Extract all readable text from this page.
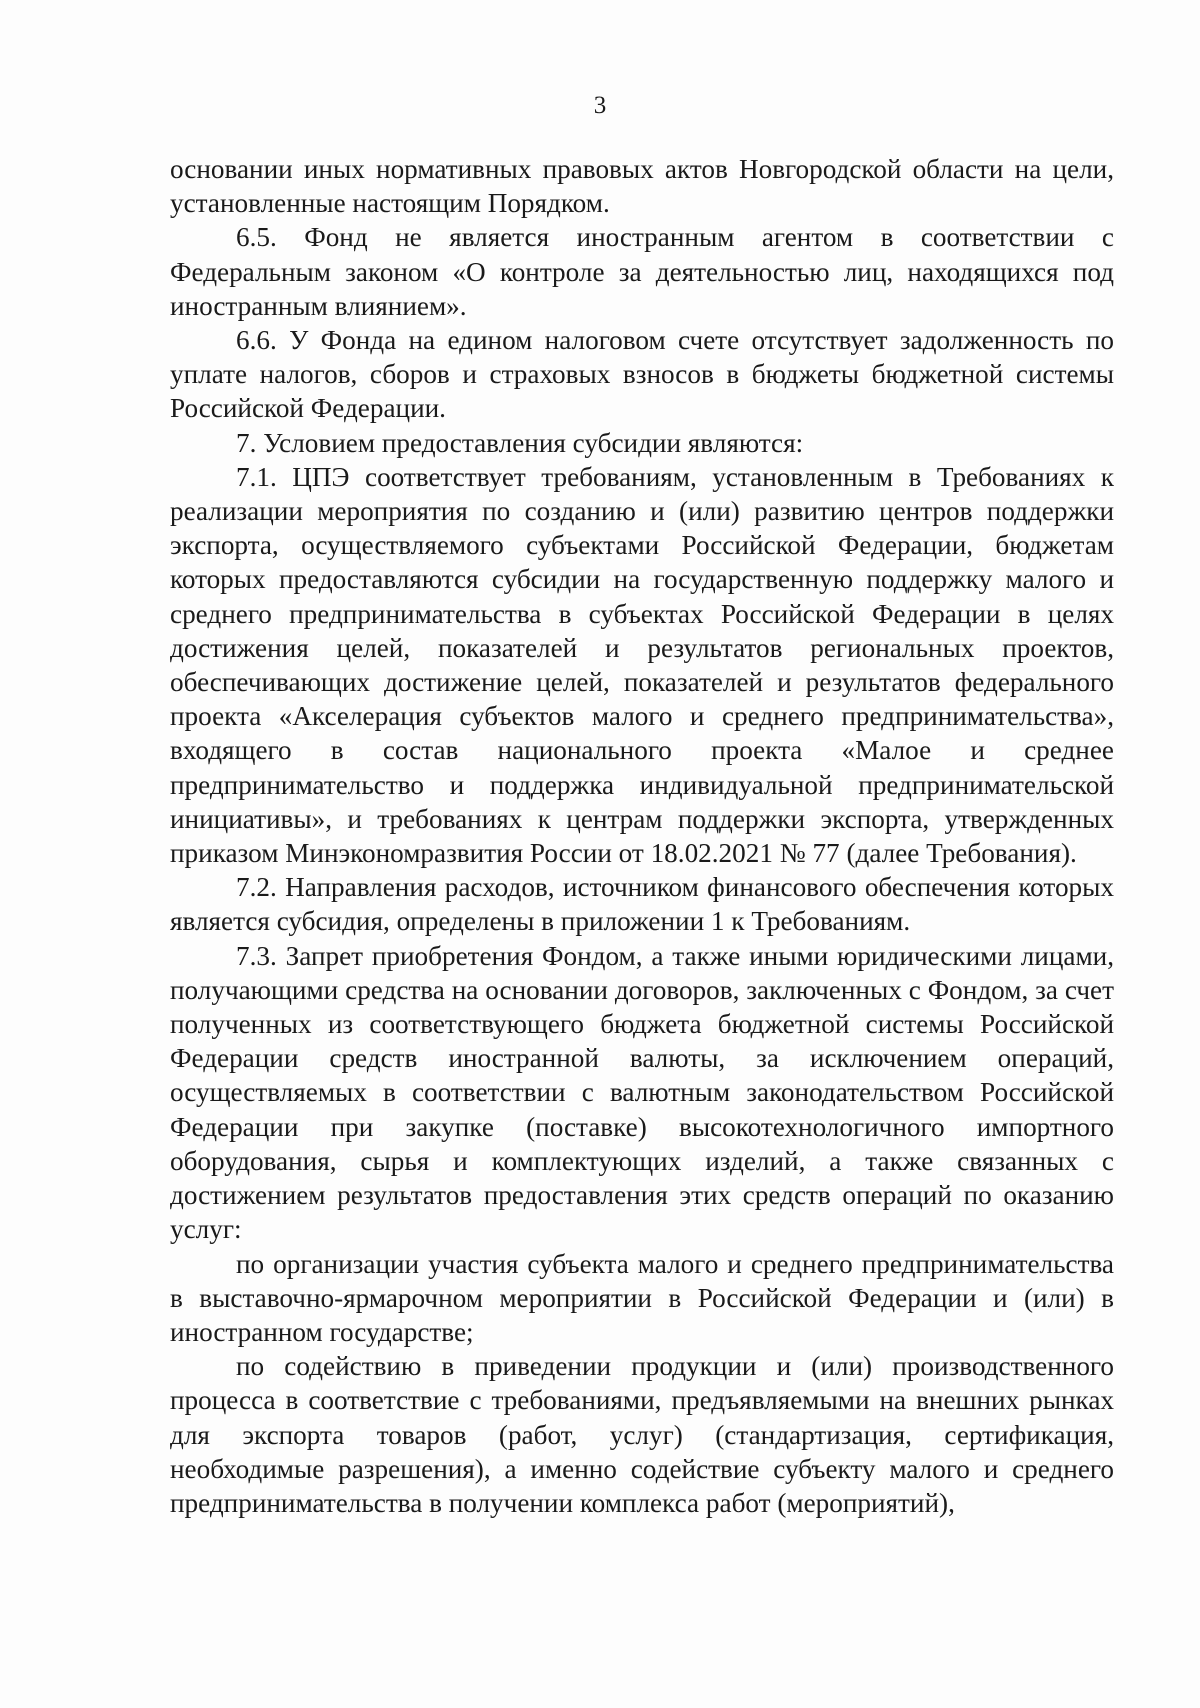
3

основании иных нормативных правовых актов Новгородской области на цели, установленные настоящим Порядком.

6.5. Фонд не является иностранным агентом в соответствии с Федеральным законом «О контроле за деятельностью лиц, находящихся под иностранным влиянием».

6.6. У Фонда на едином налоговом счете отсутствует задолженность по уплате налогов, сборов и страховых взносов в бюджеты бюджетной системы Российской Федерации.

7. Условием предоставления субсидии являются:

7.1. ЦПЭ соответствует требованиям, установленным в Требованиях к реализации мероприятия по созданию и (или) развитию центров поддержки экспорта, осуществляемого субъектами Российской Федерации, бюджетам которых предоставляются субсидии на государственную поддержку малого и среднего предпринимательства в субъектах Российской Федерации в целях достижения целей, показателей и результатов региональных проектов, обеспечивающих достижение целей, показателей и результатов федерального проекта «Акселерация субъектов малого и среднего предпринимательства», входящего в состав национального проекта «Малое и среднее предпринимательство и поддержка индивидуальной предпринимательской инициативы», и требованиях к центрам поддержки экспорта, утвержденных приказом Минэкономразвития России от 18.02.2021 № 77 (далее Требования).

7.2. Направления расходов, источником финансового обеспечения которых является субсидия, определены в приложении 1 к Требованиям.

7.3. Запрет приобретения Фондом, а также иными юридическими лицами, получающими средства на основании договоров, заключенных с Фондом, за счет полученных из соответствующего бюджета бюджетной системы Российской Федерации средств иностранной валюты, за исключением операций, осуществляемых в соответствии с валютным законодательством Российской Федерации при закупке (поставке) высокотехнологичного импортного оборудования, сырья и комплектующих изделий, а также связанных с достижением результатов предоставления этих средств операций по оказанию услуг:

по организации участия субъекта малого и среднего предпринимательства в выставочно-ярмарочном мероприятии в Российской Федерации и (или) в иностранном государстве;

по содействию в приведении продукции и (или) производственного процесса в соответствие с требованиями, предъявляемыми на внешних рынках для экспорта товаров (работ, услуг) (стандартизация, сертификация, необходимые разрешения), а именно содействие субъекту малого и среднего предпринимательства в получении комплекса работ (мероприятий),
